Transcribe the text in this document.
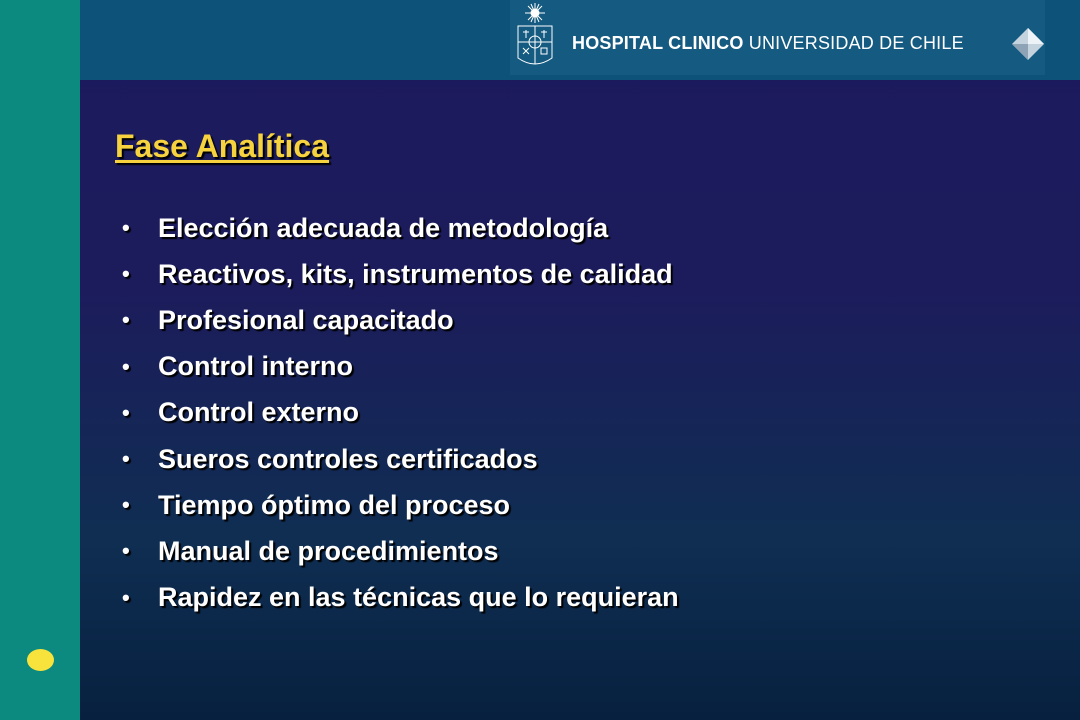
HOSPITAL CLINICO UNIVERSIDAD DE CHILE
Fase Analítica
•	Elección adecuada de metodología
•	Reactivos, kits, instrumentos de calidad
•	Profesional capacitado
•	Control interno
•	Control externo
•	Sueros controles certificados
•	Tiempo óptimo del proceso
•	Manual de procedimientos
•	Rapidez en las técnicas que lo requieran
